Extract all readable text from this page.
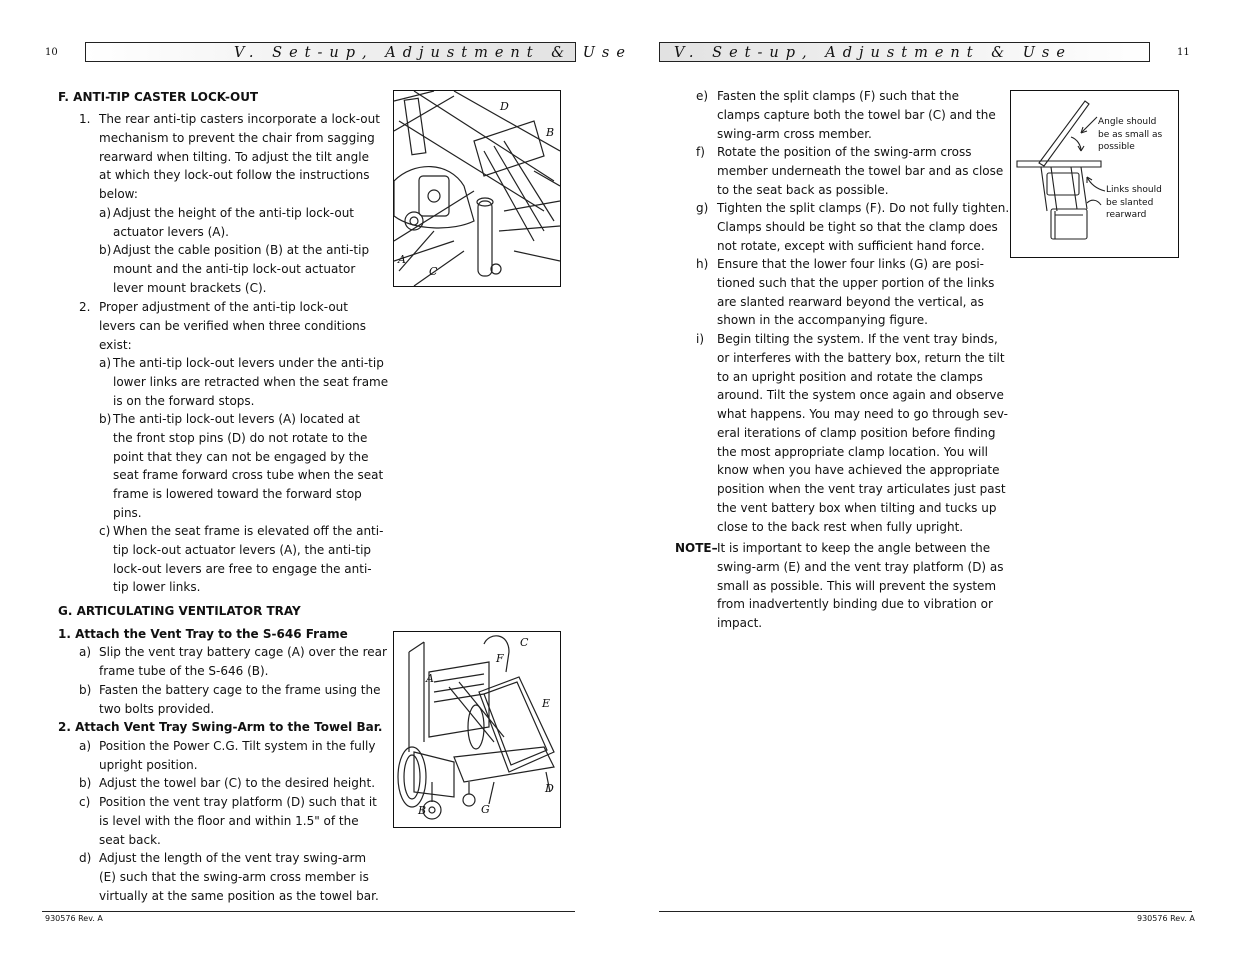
10	V. Set-up, Adjustment & Use
F. ANTI-TIP CASTER LOCK-OUT
1. The rear anti-tip casters incorporate a lock-out
mechanism to prevent the chair from sagging
rearward when tilting. To adjust the tilt angle
at which they lock-out follow the instructions
below:
a) Adjust the height of the anti-tip lock-out
actuator levers (A).
b) Adjust the cable position (B) at the anti-tip
mount and the anti-tip lock-out actuator
lever mount brackets (C).
2. Proper adjustment of the anti-tip lock-out
levers can be verified when three conditions
exist:
a) The anti-tip lock-out levers under the anti-tip
lower links are retracted when the seat frame
is on the forward stops.
b) The anti-tip lock-out levers (A) located at
the front stop pins (D) do not rotate to the
point that they can not be engaged by the
seat frame forward cross tube when the seat
frame is lowered toward the forward stop
pins.
c) When the seat frame is elevated off the anti-
tip lock-out actuator levers (A), the anti-tip
lock-out levers are free to engage the anti-
tip lower links.
D
B
A
C
G. ARTICULATING VENTILATOR TRAY
1. Attach the Vent Tray to the S-646 Frame
a) Slip the vent tray battery cage (A) over the rear
frame tube of the S-646 (B).
b) Fasten the battery cage to the frame using the
two bolts provided.
2. Attach Vent Tray Swing-Arm to the Towel Bar.
a) Position the Power C.G. Tilt system in the fully
upright position.
b) Adjust the towel bar (C) to the desired height.
c) Position the vent tray platform (D) such that it
is level with the floor and within 1.5" of the
seat back.
d) Adjust the length of the vent tray swing-arm
(E) such that the swing-arm cross member is
virtually at the same position as the towel bar.
C
F
A
E
D
G
B
930576 Rev. A
V. Set-up, Adjustment & Use	11
e) Fasten the split clamps (F) such that the
clamps capture both the towel bar (C) and the
swing-arm cross member.
f) Rotate the position of the swing-arm cross
member underneath the towel bar and as close
to the seat back as possible.
g) Tighten the split clamps (F). Do not fully tighten.
Clamps should be tight so that the clamp does
not rotate, except with sufficient hand force.
h) Ensure that the lower four links (G) are posi-
tioned such that the upper portion of the links
are slanted rearward beyond the vertical, as
shown in the accompanying figure.
i) Begin tilting the system. If the vent tray binds,
or interferes with the battery box, return the tilt
to an upright position and rotate the clamps
around. Tilt the system once again and observe
what happens. You may need to go through sev-
eral iterations of clamp position before finding
the most appropriate clamp location. You will
know when you have achieved the appropriate
position when the vent tray articulates just past
the vent battery box when tilting and tucks up
close to the back rest when fully upright.
NOTE– It is important to keep the angle between the
swing-arm (E) and the vent tray platform (D) as
small as possible. This will prevent the system
from inadvertently binding due to vibration or
impact.
Angle should
be as small as
possible
Links should
be slanted
rearward
930576 Rev. A
